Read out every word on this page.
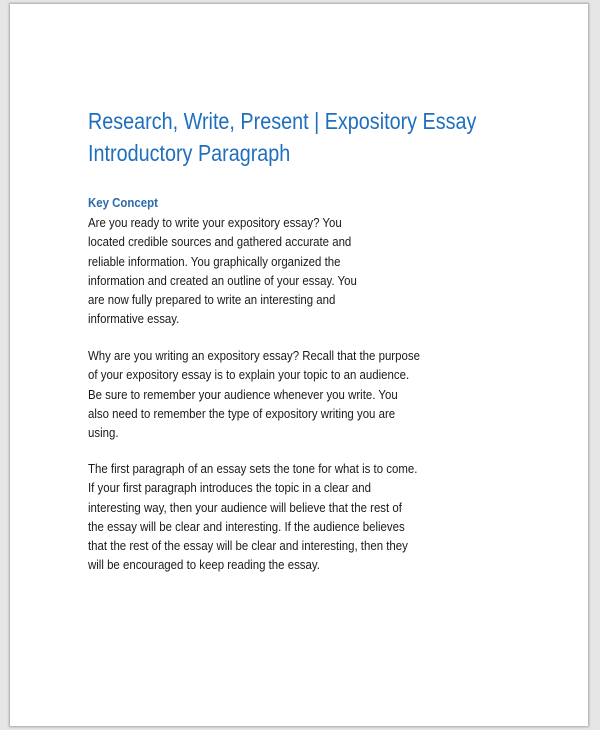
Research, Write, Present | Expository Essay
Introductory Paragraph
Key Concept

Are you ready to write your expository essay? You
located credible sources and gathered accurate and
reliable information. You graphically organized the
information and created an outline of your essay. You
are now fully prepared to write an interesting and
informative essay.

Why are you writing an expository essay? Recall that the purpose
of your expository essay is to explain your topic to an audience.
Be sure to remember your audience whenever you write. You
also need to remember the type of expository writing you are
using.

The first paragraph of an essay sets the tone for what is to come.
If your first paragraph introduces the topic in a clear and
interesting way, then your audience will believe that the rest of
the essay will be clear and interesting. If the audience believes
that the rest of the essay will be clear and interesting, then they
will be encouraged to keep reading the essay.
